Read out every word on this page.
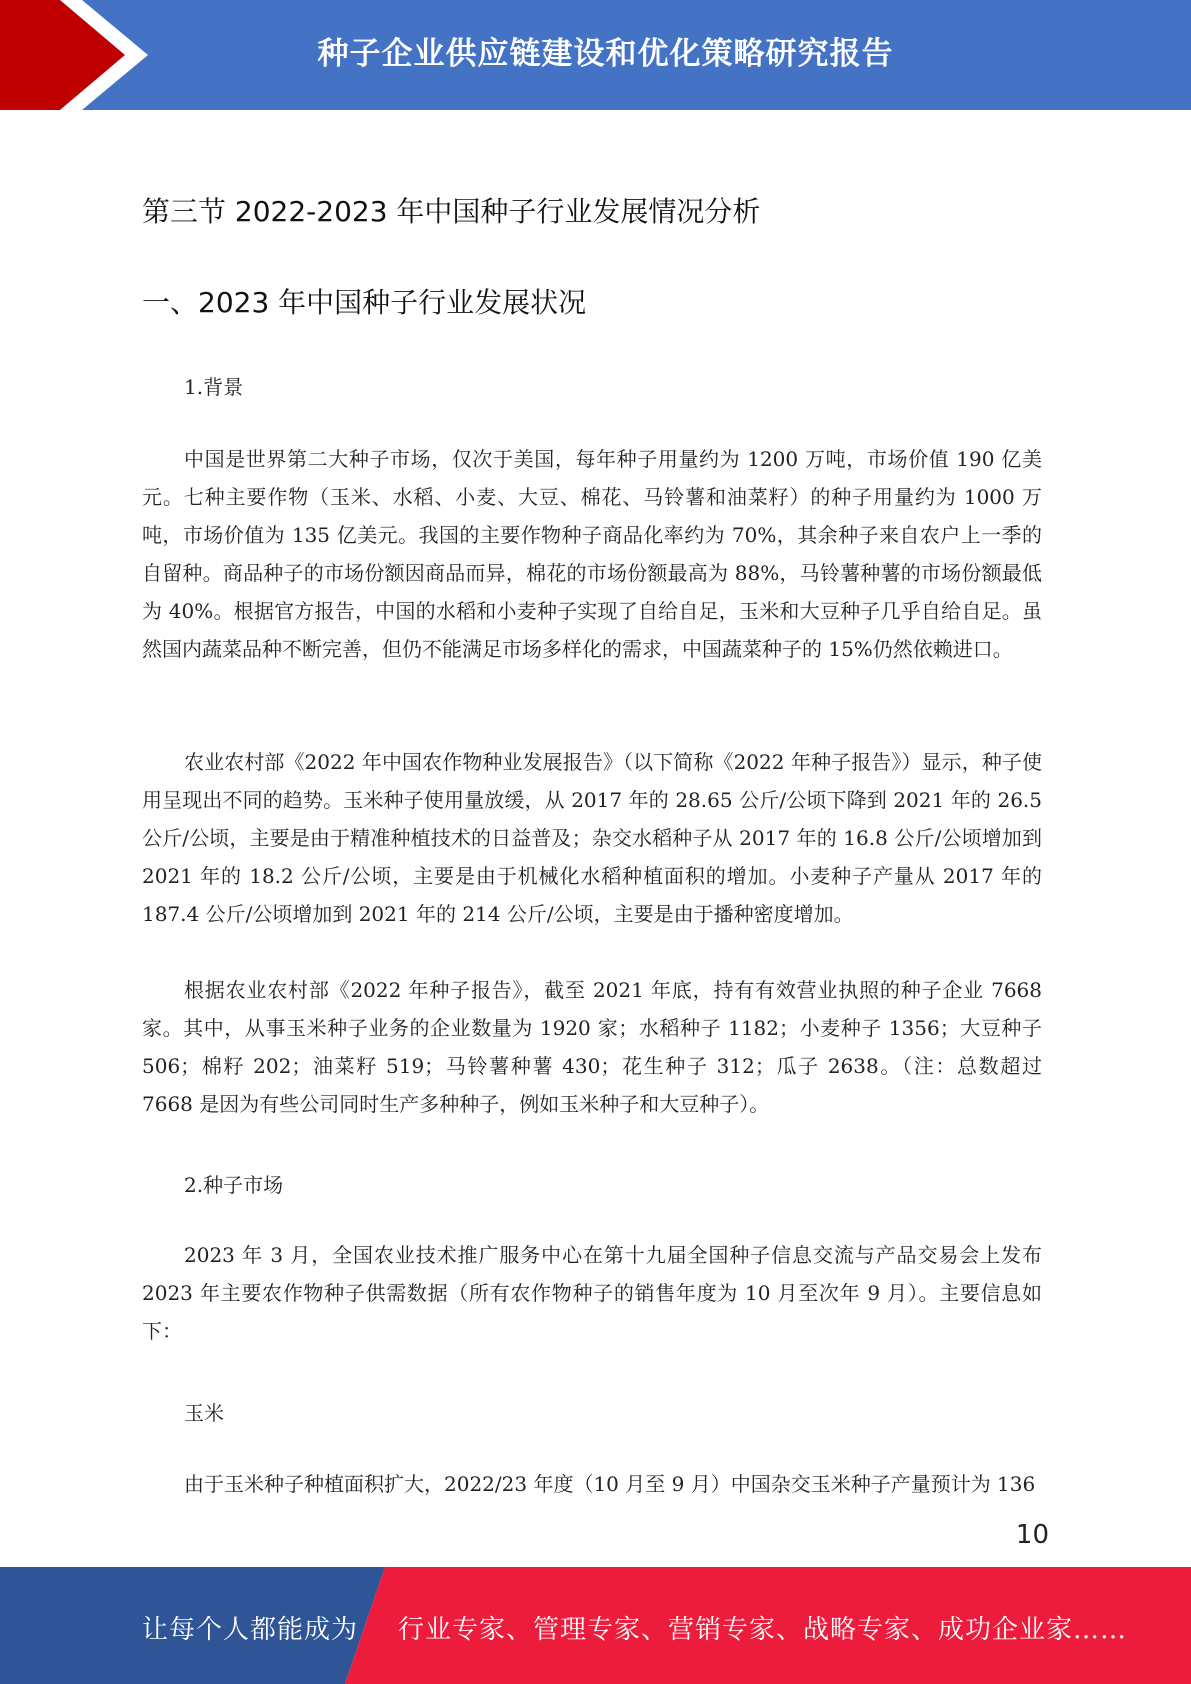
种子企业供应链建设和优化策略研究报告
第三节 2022-2023 年中国种子行业发展情况分析
一、2023 年中国种子行业发展状况
1.背景

中国是世界第二大种子市场，仅次于美国，每年种子用量约为 1200 万吨，市场价值 190 亿美元。七种主要作物（玉米、水稻、小麦、大豆、棉花、马铃薯和油菜籽）的种子用量约为 1000 万吨，市场价值为 135 亿美元。我国的主要作物种子商品化率约为 70%，其余种子来自农户上一季的自留种。商品种子的市场份额因商品而异，棉花的市场份额最高为 88%，马铃薯种薯的市场份额最低为 40%。根据官方报告，中国的水稻和小麦种子实现了自给自足，玉米和大豆种子几乎自给自足。虽然国内蔬菜品种不断完善，但仍不能满足市场多样化的需求，中国蔬菜种子的 15%仍然依赖进口。

农业农村部《2022 年中国农作物种业发展报告》（以下简称《2022 年种子报告》）显示，种子使用呈现出不同的趋势。玉米种子使用量放缓，从 2017 年的 28.65 公斤/公顷下降到 2021 年的 26.5 公斤/公顷，主要是由于精准种植技术的日益普及；杂交水稻种子从 2017 年的 16.8 公斤/公顷增加到 2021 年的 18.2 公斤/公顷，主要是由于机械化水稻种植面积的增加。小麦种子产量从 2017 年的 187.4 公斤/公顷增加到 2021 年的 214 公斤/公顷，主要是由于播种密度增加。

根据农业农村部《2022 年种子报告》，截至 2021 年底，持有有效营业执照的种子企业 7668 家。其中，从事玉米种子业务的企业数量为 1920 家；水稻种子 1182；小麦种子 1356；大豆种子 506；棉籽 202；油菜籽 519；马铃薯种薯 430；花生种子 312；瓜子 2638。（注：总数超过 7668 是因为有些公司同时生产多种种子，例如玉米种子和大豆种子）。

2.种子市场

2023 年 3 月，全国农业技术推广服务中心在第十九届全国种子信息交流与产品交易会上发布 2023 年主要农作物种子供需数据（所有农作物种子的销售年度为 10 月至次年 9 月）。主要信息如下：

玉米

由于玉米种子种植面积扩大，2022/23 年度（10 月至 9 月）中国杂交玉米种子产量预计为 136

10
让每个人都能成为 行业专家、管理专家、营销专家、战略专家、成功企业家……
